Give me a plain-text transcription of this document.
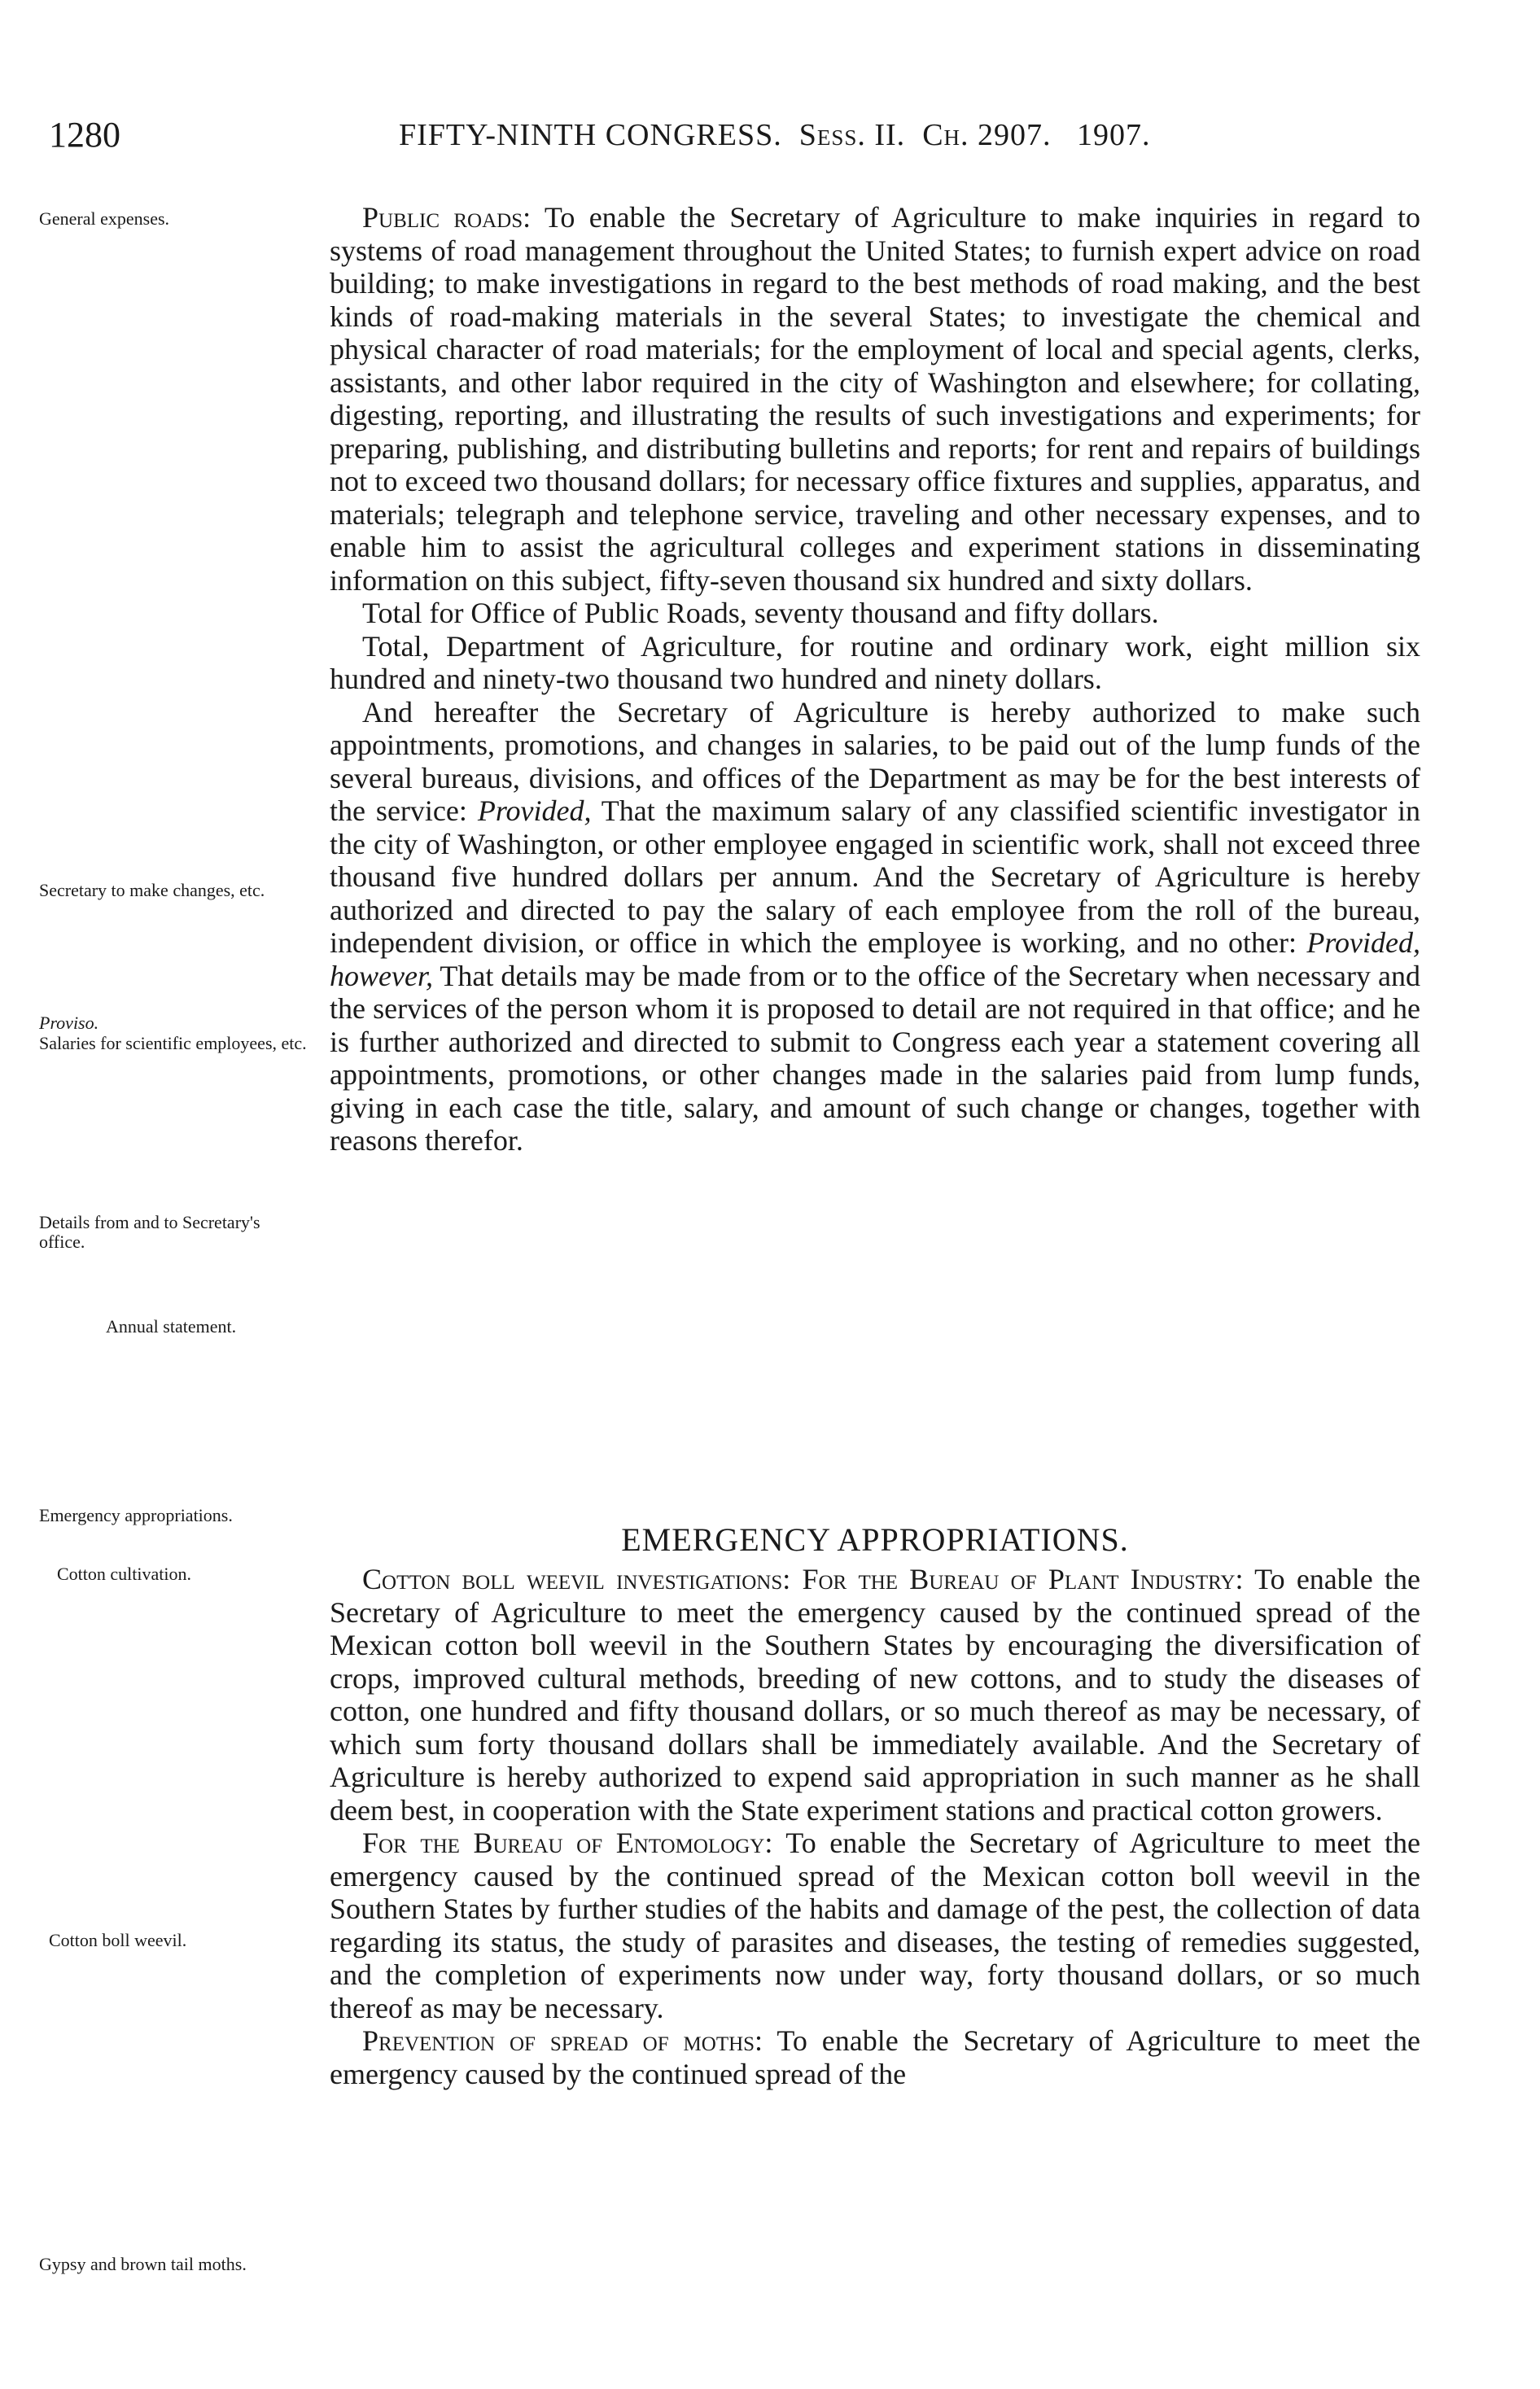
1280	FIFTY-NINTH CONGRESS. Sess. II. Ch. 2907. 1907.
General expenses.
Secretary to make changes, etc.
Proviso.
Salaries for scientific employees, etc.
Details from and to Secretary's office.
Annual statement.
Emergency appropriations.
Cotton cultivation.
Cotton boll weevil.
Gypsy and brown tail moths.

Public roads: To enable the Secretary of Agriculture to make inquiries in regard to systems of road management throughout the United States; to furnish expert advice on road building; to make investigations in regard to the best methods of road making, and the best kinds of road-making materials in the several States; to investigate the chemical and physical character of road materials; for the employment of local and special agents, clerks, assistants, and other labor required in the city of Washington and elsewhere; for collating, digesting, reporting, and illustrating the results of such investigations and experiments; for preparing, publishing, and distributing bulletins and reports; for rent and repairs of buildings not to exceed two thousand dollars; for necessary office fixtures and supplies, apparatus, and materials; telegraph and telephone service, traveling and other necessary expenses, and to enable him to assist the agricultural colleges and experiment stations in disseminating information on this subject, fifty-seven thousand six hundred and sixty dollars.

Total for Office of Public Roads, seventy thousand and fifty dollars.

Total, Department of Agriculture, for routine and ordinary work, eight million six hundred and ninety-two thousand two hundred and ninety dollars.

And hereafter the Secretary of Agriculture is hereby authorized to make such appointments, promotions, and changes in salaries, to be paid out of the lump funds of the several bureaus, divisions, and offices of the Department as may be for the best interests of the service: Provided, That the maximum salary of any classified scientific investigator in the city of Washington, or other employee engaged in scientific work, shall not exceed three thousand five hundred dollars per annum. And the Secretary of Agriculture is hereby authorized and directed to pay the salary of each employee from the roll of the bureau, independent division, or office in which the employee is working, and no other: Provided, however, That details may be made from or to the office of the Secretary when necessary and the services of the person whom it is proposed to detail are not required in that office; and he is further authorized and directed to submit to Congress each year a statement covering all appointments, promotions, or other changes made in the salaries paid from lump funds, giving in each case the title, salary, and amount of such change or changes, together with reasons therefor.

EMERGENCY APPROPRIATIONS.

Cotton boll weevil investigations: For the Bureau of Plant Industry: To enable the Secretary of Agriculture to meet the emergency caused by the continued spread of the Mexican cotton boll weevil in the Southern States by encouraging the diversification of crops, improved cultural methods, breeding of new cottons, and to study the diseases of cotton, one hundred and fifty thousand dollars, or so much thereof as may be necessary, of which sum forty thousand dollars shall be immediately available. And the Secretary of Agriculture is hereby authorized to expend said appropriation in such manner as he shall deem best, in cooperation with the State experiment stations and practical cotton growers.

For the Bureau of Entomology: To enable the Secretary of Agriculture to meet the emergency caused by the continued spread of the Mexican cotton boll weevil in the Southern States by further studies of the habits and damage of the pest, the collection of data regarding its status, the study of parasites and diseases, the testing of remedies suggested, and the completion of experiments now under way, forty thousand dollars, or so much thereof as may be necessary.

Prevention of spread of moths: To enable the Secretary of Agriculture to meet the emergency caused by the continued spread of the
